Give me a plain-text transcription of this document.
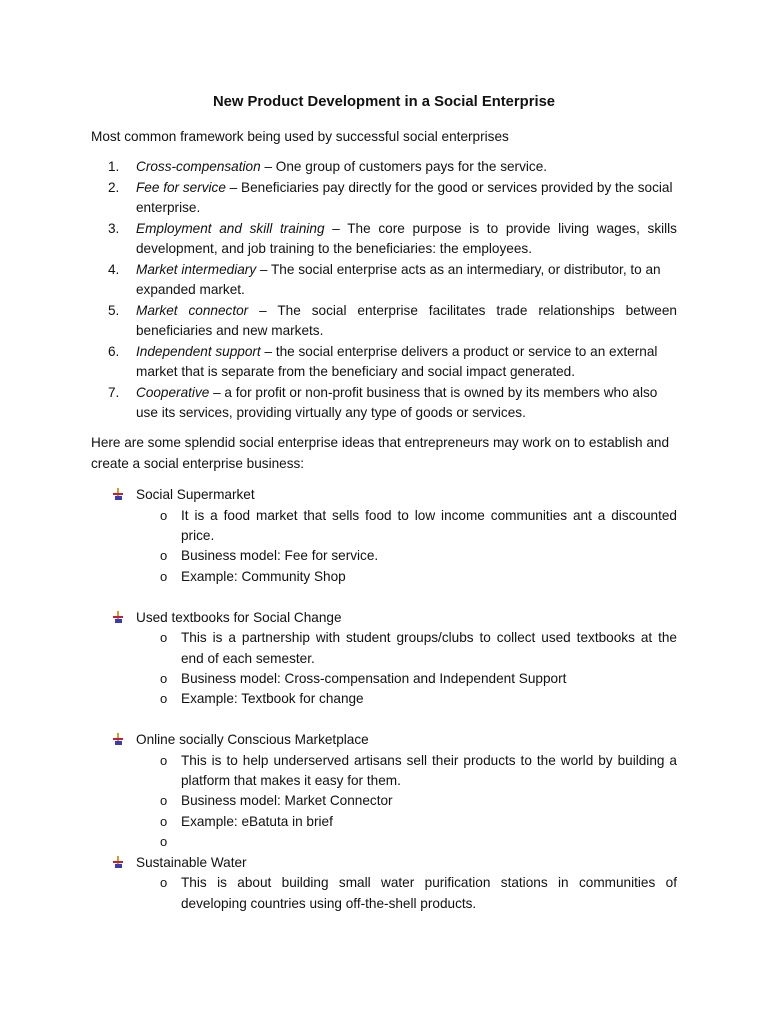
New Product Development in a Social Enterprise
Most common framework being used by successful social enterprises
1.	Cross-compensation – One group of customers pays for the service.
2.	Fee for service – Beneficiaries pay directly for the good or services provided by the social
enterprise.
3.	Employment and skill training – The core purpose is to provide living wages, skills
development, and job training to the beneficiaries: the employees.
4.	Market intermediary – The social enterprise acts as an intermediary, or distributor, to an
expanded market.
5.	Market connector – The social enterprise facilitates trade relationships between
beneficiaries and new markets.
6.	Independent support – the social enterprise delivers a product or service to an external
market that is separate from the beneficiary and social impact generated.
7.	Cooperative – a for profit or non-profit business that is owned by its members who also
use its services, providing virtually any type of goods or services.
Here are some splendid social enterprise ideas that entrepreneurs may work on to establish and
create a social enterprise business:
Social Supermarket
o It is a food market that sells food to low income communities ant a discounted
price.
o Business model: Fee for service.
o Example: Community Shop
Used textbooks for Social Change
o This is a partnership with student groups/clubs to collect used textbooks at the
end of each semester.
o Business model: Cross-compensation and Independent Support
o Example: Textbook for change
Online socially Conscious Marketplace
o This is to help underserved artisans sell their products to the world by building a
platform that makes it easy for them.
o Business model: Market Connector
o Example: eBatuta in brief
o
Sustainable Water
o This is about building small water purification stations in communities of
developing countries using off-the-shell products.
